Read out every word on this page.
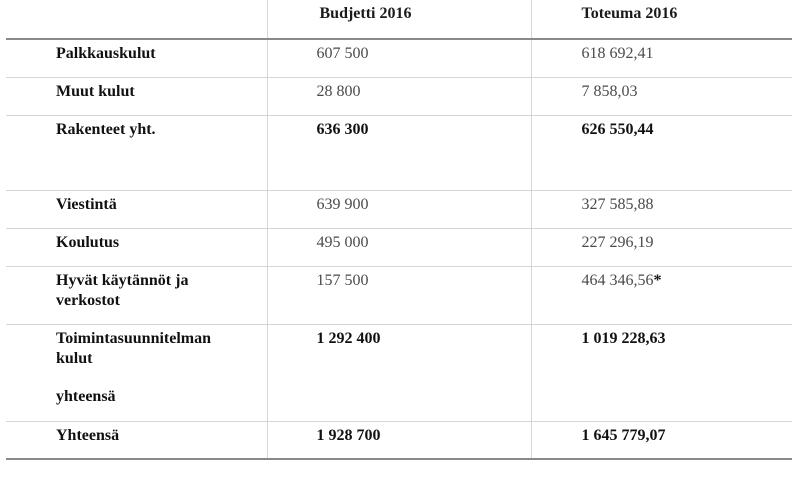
	Budjetti 2016	Toteuma 2016
Palkkauskulut	607 500	618 692,41
Muut kulut	28 800	7 858,03
Rakenteet yht.	636 300	626 550,44
Viestintä	639 900	327 585,88
Koulutus	495 000	227 296,19

Hyvät käytännöt ja
verkostot	157 500	464 346,56*

Toimintasuunnitelman
kulut
yhteensä	1 292 400	1 019 228,63
Yhteensä	1 928 700	1 645 779,07
